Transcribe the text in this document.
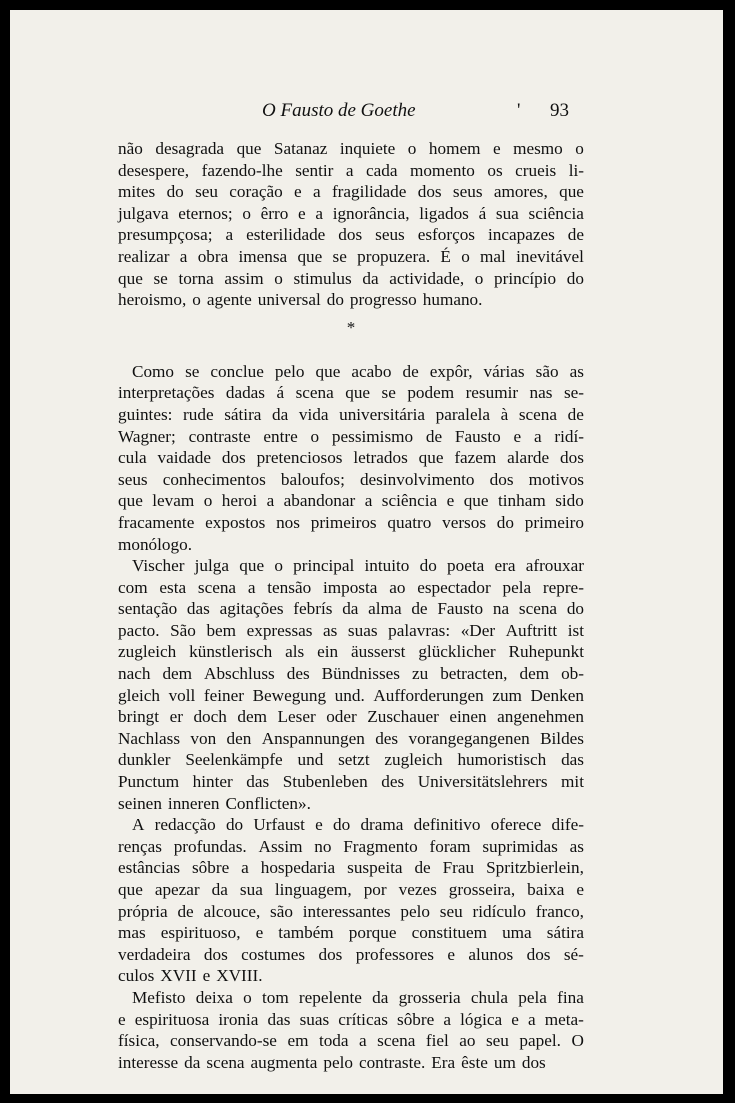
O Fausto de Goethe	' 93
não desagrada que Satanaz inquiete o homem e mesmo o
desespere, fazendo-lhe sentir a cada momento os crueis li-
mites do seu coração e a fragilidade dos seus amores, que
julgava eternos; o êrro e a ignorância, ligados á sua sciência
presumpçosa; a esterilidade dos seus esforços incapazes de
realizar a obra imensa que se propuzera. É o mal inevitável
que se torna assim o stimulus da actividade, o princípio do
heroismo, o agente universal do progresso humano.
*
Como se conclue pelo que acabo de expôr, várias são as
interpretações dadas á scena que se podem resumir nas se-
guintes: rude sátira da vida universitária paralela à scena de
Wagner; contraste entre o pessimismo de Fausto e a ridí-
cula vaidade dos pretenciosos letrados que fazem alarde dos
seus conhecimentos baloufos; desinvolvimento dos motivos
que levam o heroi a abandonar a sciência e que tinham sido
fracamente expostos nos primeiros quatro versos do primeiro
monólogo.
Vischer julga que o principal intuito do poeta era afrouxar
com esta scena a tensão imposta ao espectador pela repre-
sentação das agitações febrís da alma de Fausto na scena do
pacto. São bem expressas as suas palavras: «Der Auftritt ist
zugleich künstlerisch als ein äusserst glücklicher Ruhepunkt
nach dem Abschluss des Bündnisses zu betracten, dem ob-
gleich voll feiner Bewegung und. Aufforderungen zum Denken
bringt er doch dem Leser oder Zuschauer einen angenehmen
Nachlass von den Anspannungen des vorangegangenen Bildes
dunkler Seelenkämpfe und setzt zugleich humoristisch das
Punctum hinter das Stubenleben des Universitätslehrers mit
seinen inneren Conflicten».
A redacção do Urfaust e do drama definitivo oferece dife-
renças profundas. Assim no Fragmento foram suprimidas as
estâncias sôbre a hospedaria suspeita de Frau Spritzbierlein,
que apezar da sua linguagem, por vezes grosseira, baixa e
própria de alcouce, são interessantes pelo seu ridículo franco,
mas espirituoso, e também porque constituem uma sátira
verdadeira dos costumes dos professores e alunos dos sé-
culos XVII e XVIII.
Mefisto deixa o tom repelente da grosseria chula pela fina
e espirituosa ironia das suas críticas sôbre a lógica e a meta-
física, conservando-se em toda a scena fiel ao seu papel. O
interesse da scena augmenta pelo contraste. Era êste um dos
